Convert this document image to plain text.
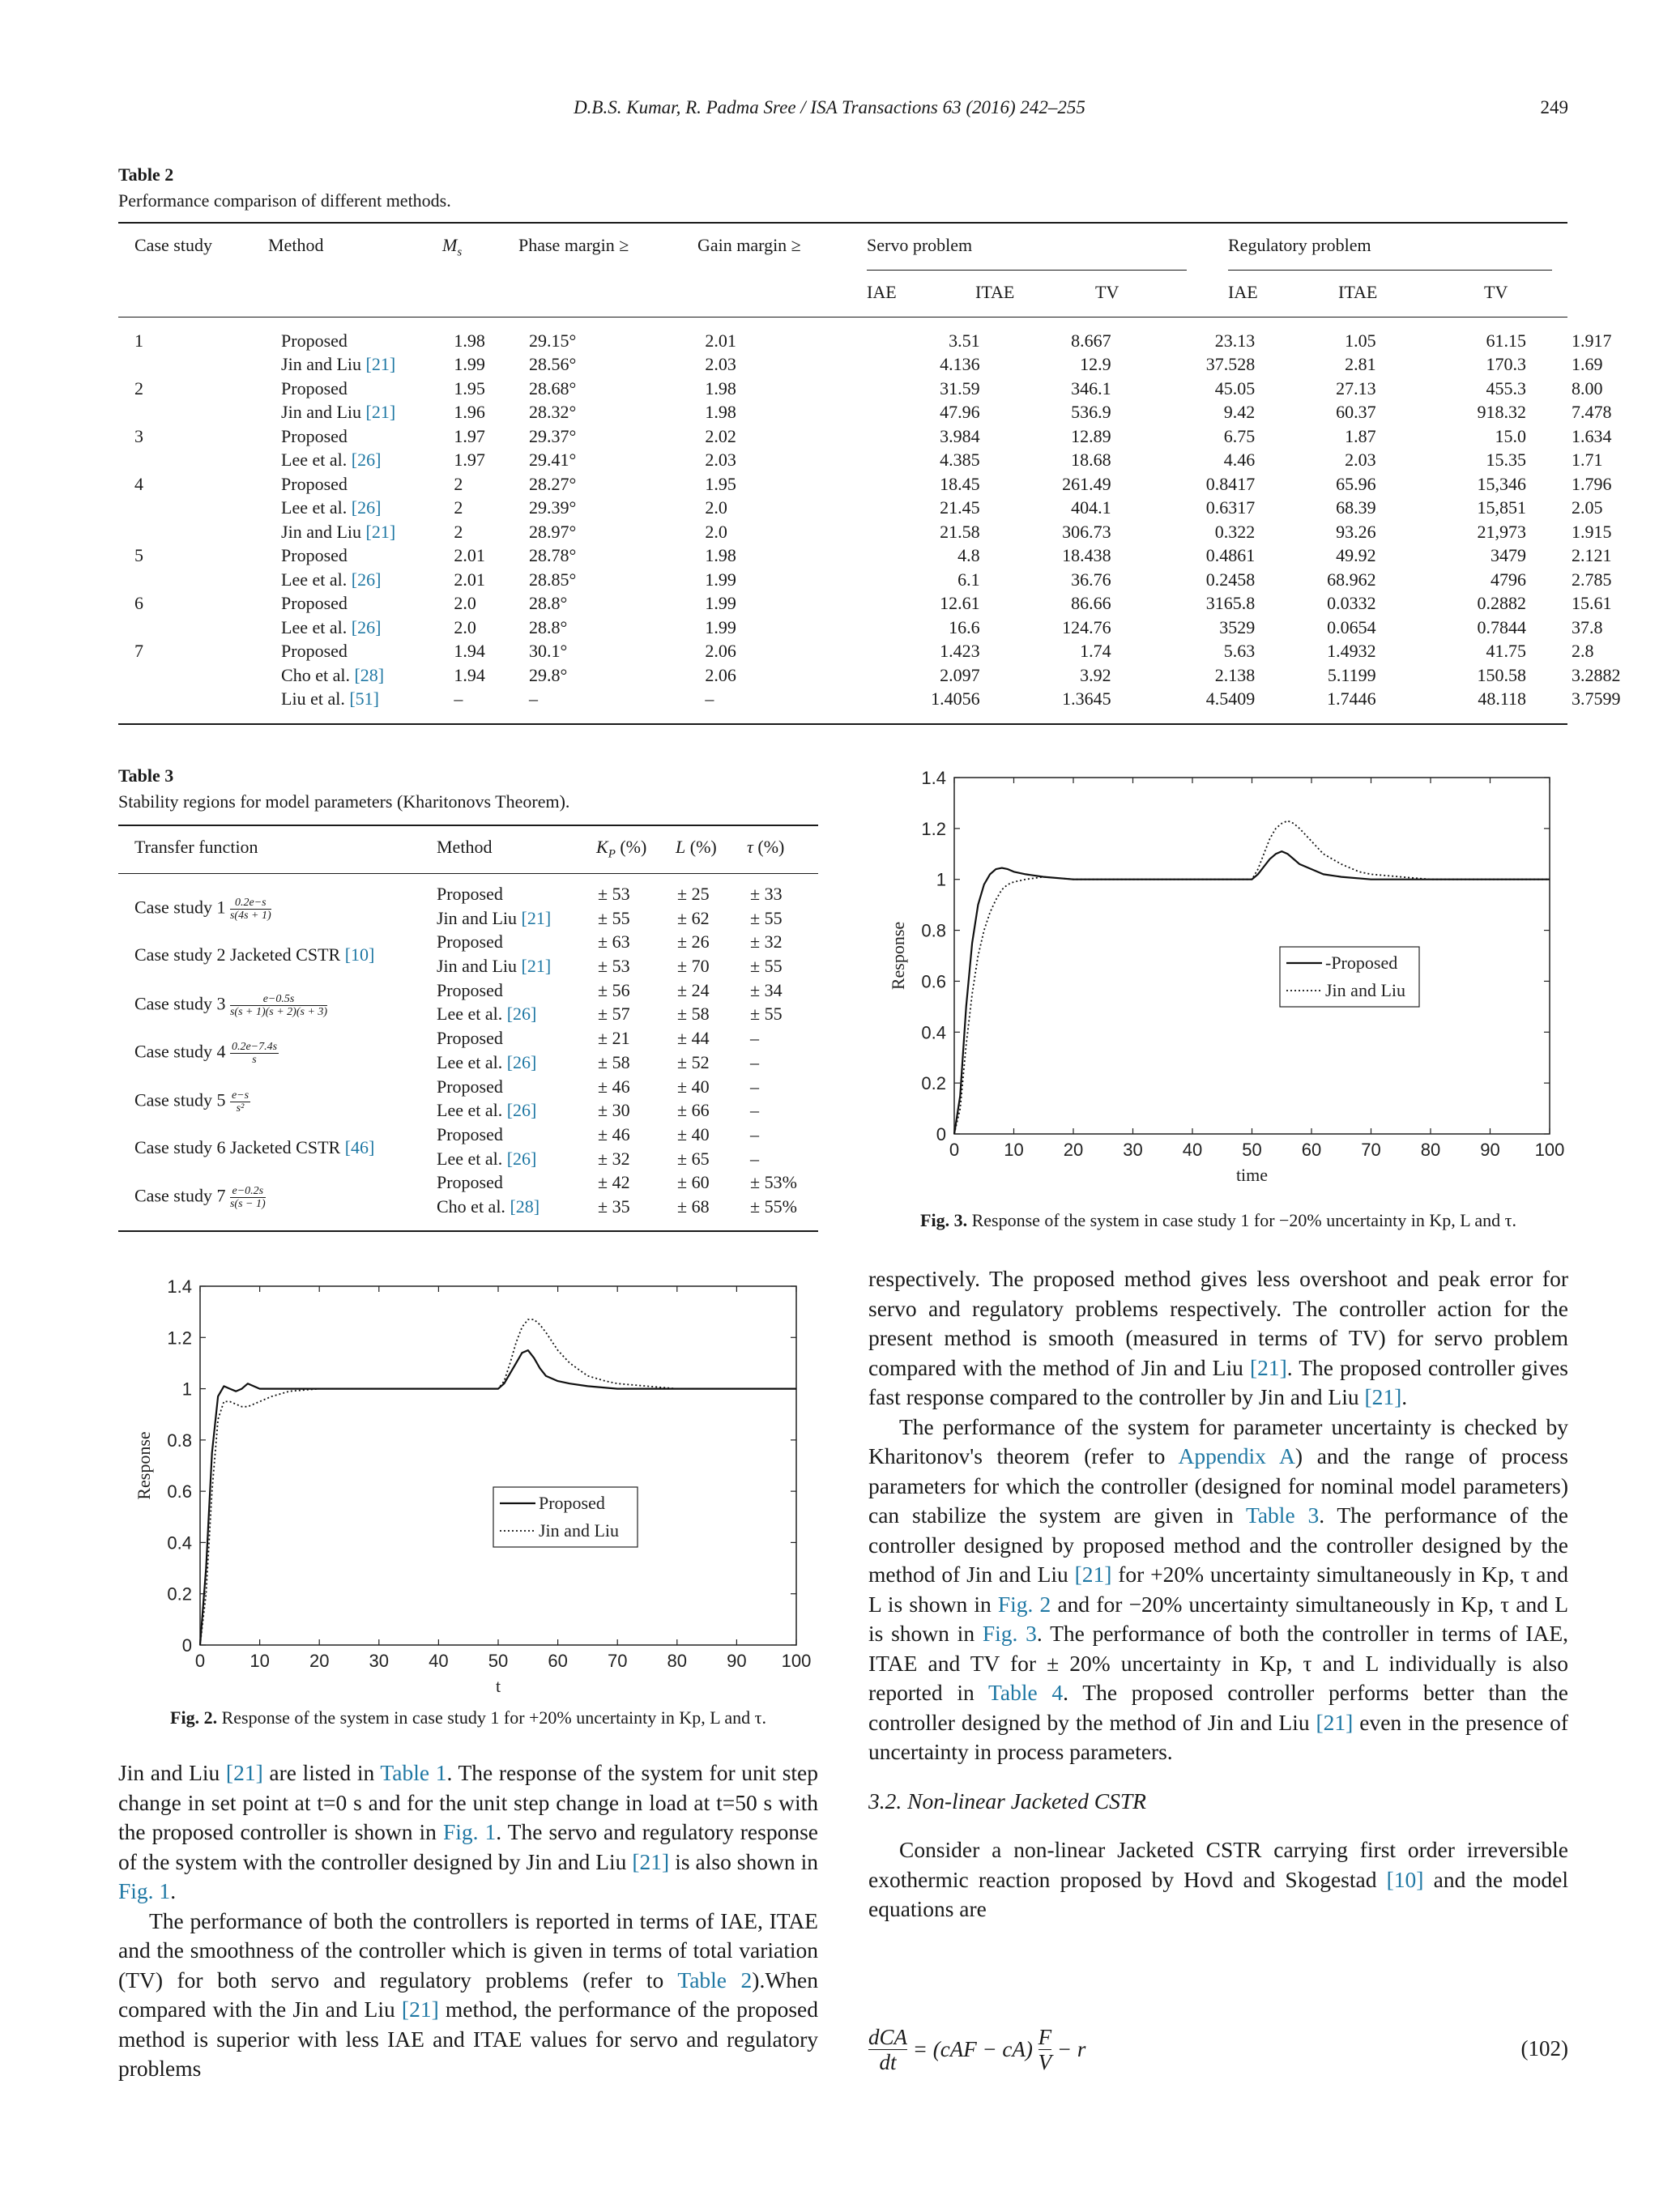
D.B.S. Kumar, R. Padma Sree / ISA Transactions 63 (2016) 242–255	249
Table 2
Performance comparison of different methods.
Case study	Method	$M_s$	Phase margin ≥	Gain margin ≥	Servo problem	Regulatory problem
IAE	ITAE	TV	IAE	ITAE	TV
1	Proposed	1.98	29.15°	2.01	3.51	8.667	23.13	1.05	61.15	1.917
	Jin and Liu [21]	1.99	28.56°	2.03	4.136	12.9	37.528	2.81	170.3	1.69
2	Proposed	1.95	28.68°	1.98	31.59	346.1	45.05	27.13	455.3	8.00
	Jin and Liu [21]	1.96	28.32°	1.98	47.96	536.9	9.42	60.37	918.32	7.478
3	Proposed	1.97	29.37°	2.02	3.984	12.89	6.75	1.87	15.0	1.634
	Lee et al. [26]	1.97	29.41°	2.03	4.385	18.68	4.46	2.03	15.35	1.71
4	Proposed	2	28.27°	1.95	18.45	261.49	0.8417	65.96	15,346	1.796
	Lee et al. [26]	2	29.39°	2.0	21.45	404.1	0.6317	68.39	15,851	2.05
	Jin and Liu [21]	2	28.97°	2.0	21.58	306.73	0.322	93.26	21,973	1.915
5	Proposed	2.01	28.78°	1.98	4.8	18.438	0.4861	49.92	3479	2.121
	Lee et al. [26]	2.01	28.85°	1.99	6.1	36.76	0.2458	68.962	4796	2.785
6	Proposed	2.0	28.8°	1.99	12.61	86.66	3165.8	0.0332	0.2882	15.61
	Lee et al. [26]	2.0	28.8°	1.99	16.6	124.76	3529	0.0654	0.7844	37.8
7	Proposed	1.94	30.1°	2.06	1.423	1.74	5.63	1.4932	41.75	2.8
	Cho et al. [28]	1.94	29.8°	2.06	2.097	3.92	2.138	5.1199	150.58	3.2882
	Liu et al. [51]	–	–	–	1.4056	1.3645	4.5409	1.7446	48.118	3.7599
Table 3
Stability regions for model parameters (Kharitonovs Theorem).
Transfer function	Method	$K_P$ (%) L (%) τ (%)
Case study $1 \frac{0.2e-s}{s(4s + 1)}$
Proposed	± 53	± 25 ± 33
Jin and Liu [21]	± 55	± 62 ± 55
Case study 2 Jacketed CSTR [10]
Proposed	± 63	± 26 ± 32
Jin and Liu [21]	± 53	± 70 ± 55
Case study $3 \frac{e-0.5s}{s(s + 1)(s + 2)(s + 3)}$
Proposed	± 56	± 24 ± 34
Lee et al. [26]	± 57	± 58 ± 55
Case study $4 \frac{0.2e-7.4s}{s}$
Proposed	± 21	± 44 –
Lee et al. [26]	± 58	± 52 –
Case study $5 \frac{e-s}{\text{s²}}$
Proposed	± 46	± 40 –
Lee et al. [26]	± 30	± 66 –
Case study 6 Jacketed CSTR [46]
Proposed	± 46	± 40 –
Lee et al. [26]	± 32	± 65 –
Case study $7 \frac{e-0.2s}{s(s - 1)}$
Proposed	± 42	± 60 ± 53%
Cho et al. [28]	± 35	± 68 ± 55%
0	10 20 30 40 50 60 70 80 90 100
0
0.2
0.4
0.6
0.8
1
1.2
1.4
t
Response
Proposed
Jin and Liu
Fig. 2. Response of the system in case study 1 for +20% uncertainty in Kp, L and τ.
0	10 20 30 40 50 60 70 80 90 100
0
0.2
0.4
0.6
0.8
1
1.2
1.4
time
Response	-Proposed
Jin and Liu
Fig. 3. Response of the system in case study 1 for −20% uncertainty in Kp, L and τ.

Jin and Liu [21] are listed in Table 1. The response of the system for unit step change in set point at t=0 s and for the unit step change in load at t=50 s with the proposed controller is shown in Fig. 1. The servo and regulatory response of the system with the controller designed by Jin and Liu [21] is also shown in Fig. 1.

The performance of both the controllers is reported in terms of IAE, ITAE and the smoothness of the controller which is given in terms of total variation (TV) for both servo and regulatory problems (refer to Table 2).When compared with the Jin and Liu [21] method, the performance of the proposed method is superior with less IAE and ITAE values for servo and regulatory problems

respectively. The proposed method gives less overshoot and peak error for servo and regulatory problems respectively. The controller action for the present method is smooth (measured in terms of TV) for servo problem compared with the method of Jin and Liu [21]. The proposed controller gives fast response compared to the controller by Jin and Liu [21].

The performance of the system for parameter uncertainty is checked by Kharitonov's theorem (refer to Appendix A) and the range of process parameters for which the controller (designed for nominal model parameters) can stabilize the system are given in Table 3. The performance of the controller designed by proposed method and the controller designed by the method of Jin and Liu [21] for +20% uncertainty simultaneously in Kp, τ and L is shown in Fig. 2 and for −20% uncertainty simultaneously in Kp, τ and L is shown in Fig. 3. The performance of both the controller in terms of IAE, ITAE and TV for ± 20% uncertainty in Kp, τ and L individually is also reported in Table 4. The proposed controller performs better than the controller designed by the method of Jin and Liu [21] even in the presence of uncertainty in process parameters.

3.2. Non-linear Jacketed CSTR

Consider a non-linear Jacketed CSTR carrying first order irreversible exothermic reaction proposed by Hovd and Skogestad [10] and the model equations are

dCA
dt
= $(cAF - cA) \frac{F}{V} - r$	(102)
